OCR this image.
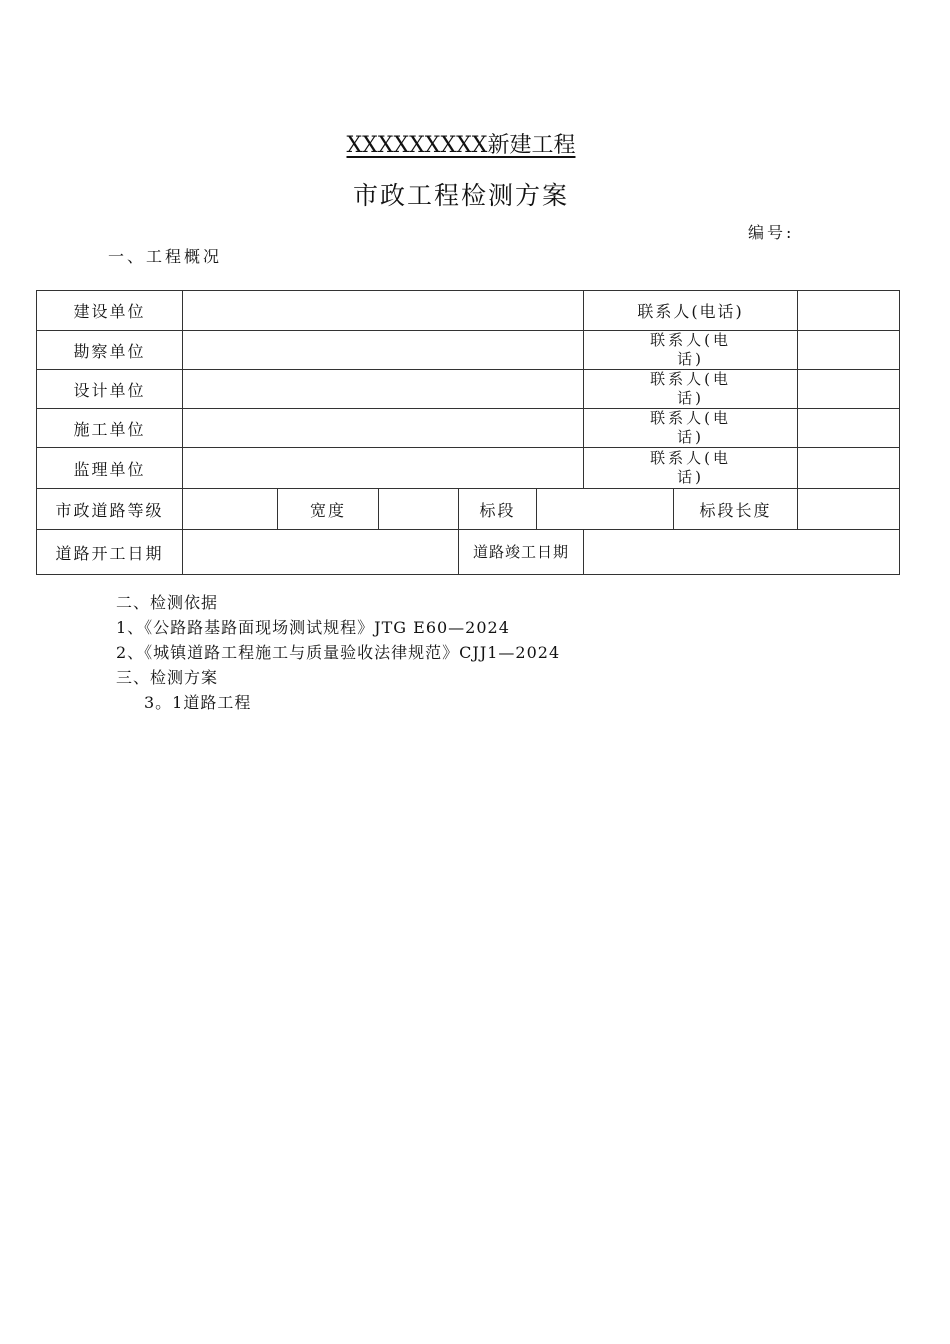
XXXXXXXXX新建工程
市政工程检测方案
编号:
一、工程概况
建设单位						联系人(电话)		
勘察单位						联系人(电话)		

设计单位						联系人(电话)		

施工单位						联系人(电话)		

监理单位						联系人(电话)		

市政道路等级		宽度		标段			标段长度	
道路开工日期				道路竣工日期				

二、检测依据
1、《公路路基路面现场测试规程》JTG E60—2024
2、《城镇道路工程施工与质量验收法律规范》CJJ1—2024
三、检测方案
3。1道路工程
